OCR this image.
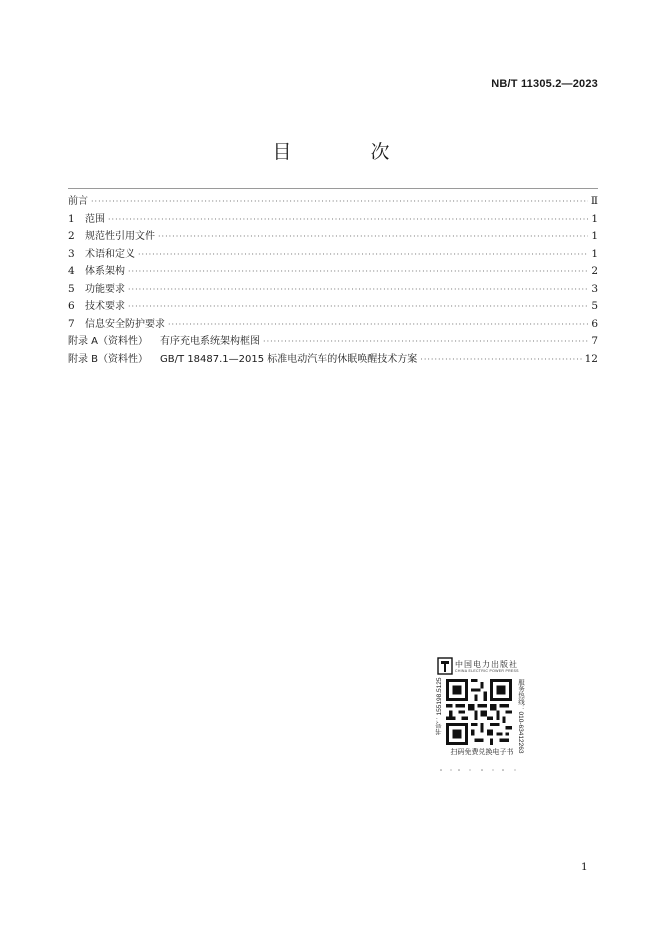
NB/T 11305.2—2023
目　次
前言 ·····	Ⅱ
1	范围 ·····	1
2	规范性引用文件 ·····	1
3	术语和定义 ·····	1
4	体系架构 ·····	2
5	功能要求 ·····	3
6	技术要求 ·····	5
7	信息安全防护要求 ·····	6
附录 A（资料性） 有序充电系统架构框图 ·····	7
附录 B（资料性） GB/T 18487.1—2015 标准电动汽车的休眠唤醒技术方案 ·····	12
中国电力出版社
CHINA ELECTRIC POWER PRESS
书号：155198.5125	服务热线：010-63412263
扫码免费兑换电子书
1
